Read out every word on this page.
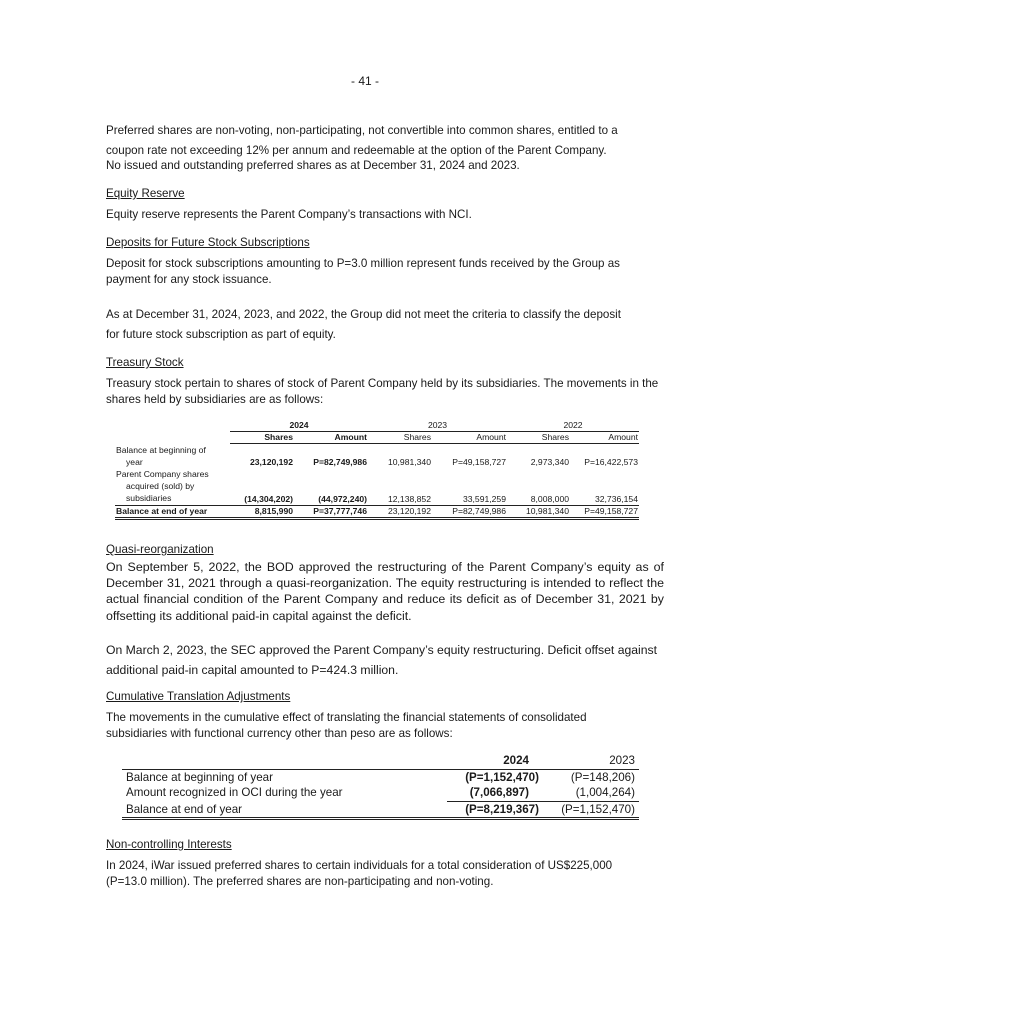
- 41 -

Preferred shares are non-voting, non-participating, not convertible into common shares, entitled to a
coupon rate not exceeding 12% per annum and redeemable at the option of the Parent Company.

No issued and outstanding preferred shares as at December 31, 2024 and 2023.

Equity Reserve

Equity reserve represents the Parent Company’s transactions with NCI.

Deposits for Future Stock Subscriptions

Deposit for stock subscriptions amounting to P=3.0 million represent funds received by the Group as payment for any stock issuance.

As at December 31, 2024, 2023, and 2022, the Group did not meet the criteria to classify the deposit
for future stock subscription as part of equity.

Treasury Stock

Treasury stock pertain to shares of stock of Parent Company held by its subsidiaries. The movements in the shares held by subsidiaries are as follows:

	2024		2023		2022	
	Shares	Amount	Shares	Amount	Shares	Amount

Balance at beginning of
year	23,120,192	P=82,749,986	10,981,340	P=49,158,727	2,973,340	P=16,422,573

Parent Company shares
acquired (sold) by
subsidiaries	(14,304,202)	(44,972,240)	12,138,852	33,591,259	8,008,000	32,736,154
Balance at end of year	8,815,990	P=37,777,746	23,120,192	P=82,749,986	10,981,340	P=49,158,727

Quasi-reorganization

On September 5, 2022, the BOD approved the restructuring of the Parent Company’s equity as of December 31, 2021 through a quasi-reorganization. The equity restructuring is intended to reflect the actual financial condition of the Parent Company and reduce its deficit as of December 31, 2021 by offsetting its additional paid-in capital against the deficit.

On March 2, 2023, the SEC approved the Parent Company’s equity restructuring. Deficit offset against
additional paid-in capital amounted to P=424.3 million.

Cumulative Translation Adjustments

The movements in the cumulative effect of translating the financial statements of consolidated subsidiaries with functional currency other than peso are as follows:

	2024	2023
Balance at beginning of year	(P=1,152,470)	(P=148,206)
Amount recognized in OCI during the year	(7,066,897)	(1,004,264)
Balance at end of year	(P=8,219,367)	(P=1,152,470)

Non-controlling Interests

In 2024, iWar issued preferred shares to certain individuals for a total consideration of US$225,000 (P=13.0 million). The preferred shares are non-participating and non-voting.
